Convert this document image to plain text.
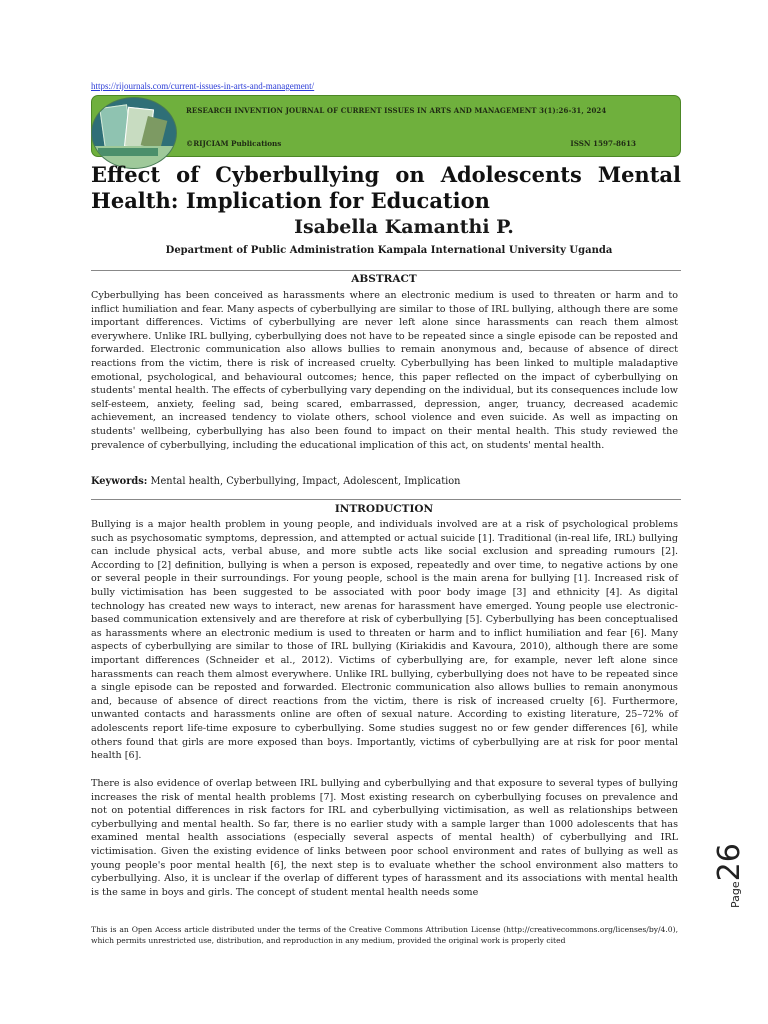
https://rijournals.com/current-issues-in-arts-and-management/
RESEARCH INVENTION JOURNAL OF CURRENT ISSUES IN ARTS AND MANAGEMENT 3(1):26-31, 2024
©RIJCIAM Publications	ISSN 1597-8613
Effect of Cyberbullying on Adolescents Mental Health: Implication for Education
Isabella Kamanthi P.
Department of Public Administration Kampala International University Uganda
ABSTRACT
Cyberbullying has been conceived as harassments where an electronic medium is used to threaten or harm and to inflict humiliation and fear. Many aspects of cyberbullying are similar to those of IRL bullying, although there are some important differences. Victims of cyberbullying are never left alone since harassments can reach them almost everywhere. Unlike IRL bullying, cyberbullying does not have to be repeated since a single episode can be reposted and forwarded. Electronic communication also allows bullies to remain anonymous and, because of absence of direct reactions from the victim, there is risk of increased cruelty. Cyberbullying has been linked to multiple maladaptive emotional, psychological, and behavioural outcomes; hence, this paper reflected on the impact of cyberbullying on students' mental health. The effects of cyberbullying vary depending on the individual, but its consequences include low self-esteem, anxiety, feeling sad, being scared, embarrassed, depression, anger, truancy, decreased academic achievement, an increased tendency to violate others, school violence and even suicide. As well as impacting on students' wellbeing, cyberbullying has also been found to impact on their mental health. This study reviewed the prevalence of cyberbullying, including the educational implication of this act, on students' mental health.
Keywords: Mental health, Cyberbullying, Impact, Adolescent, Implication
INTRODUCTION
Bullying is a major health problem in young people, and individuals involved are at a risk of psychological problems such as psychosomatic symptoms, depression, and attempted or actual suicide [1]. Traditional (in-real life, IRL) bullying can include physical acts, verbal abuse, and more subtle acts like social exclusion and spreading rumours [2]. According to [2] definition, bullying is when a person is exposed, repeatedly and over time, to negative actions by one or several people in their surroundings. For young people, school is the main arena for bullying [1]. Increased risk of bully victimisation has been suggested to be associated with poor body image [3] and ethnicity [4]. As digital technology has created new ways to interact, new arenas for harassment have emerged. Young people use electronic-based communication extensively and are therefore at risk of cyberbullying [5]. Cyberbullying has been conceptualised as harassments where an electronic medium is used to threaten or harm and to inflict humiliation and fear [6]. Many aspects of cyberbullying are similar to those of IRL bullying (Kiriakidis and Kavoura, 2010), although there are some important differences (Schneider et al., 2012). Victims of cyberbullying are, for example, never left alone since harassments can reach them almost everywhere. Unlike IRL bullying, cyberbullying does not have to be repeated since a single episode can be reposted and forwarded. Electronic communication also allows bullies to remain anonymous and, because of absence of direct reactions from the victim, there is risk of increased cruelty [6]. Furthermore, unwanted contacts and harassments online are often of sexual nature. According to existing literature, 25–72% of adolescents report life-time exposure to cyberbullying. Some studies suggest no or few gender differences [6], while others found that girls are more exposed than boys. Importantly, victims of cyberbullying are at risk for poor mental health [6].
There is also evidence of overlap between IRL bullying and cyberbullying and that exposure to several types of bullying increases the risk of mental health problems [7]. Most existing research on cyberbullying focuses on prevalence and not on potential differences in risk factors for IRL and cyberbullying victimisation, as well as relationships between cyberbullying and mental health. So far, there is no earlier study with a sample larger than 1000 adolescents that has examined mental health associations (especially several aspects of mental health) of cyberbullying and IRL victimisation. Given the existing evidence of links between poor school environment and rates of bullying as well as young people's poor mental health [6], the next step is to evaluate whether the school environment also matters to cyberbullying. Also, it is unclear if the overlap of different types of harassment and its associations with mental health is the same in boys and girls. The concept of student mental health needs some	Page26
This is an Open Access article distributed under the terms of the Creative Commons Attribution License (http://creativecommons.org/licenses/by/4.0), which permits unrestricted use, distribution, and reproduction in any medium, provided the original work is properly cited
